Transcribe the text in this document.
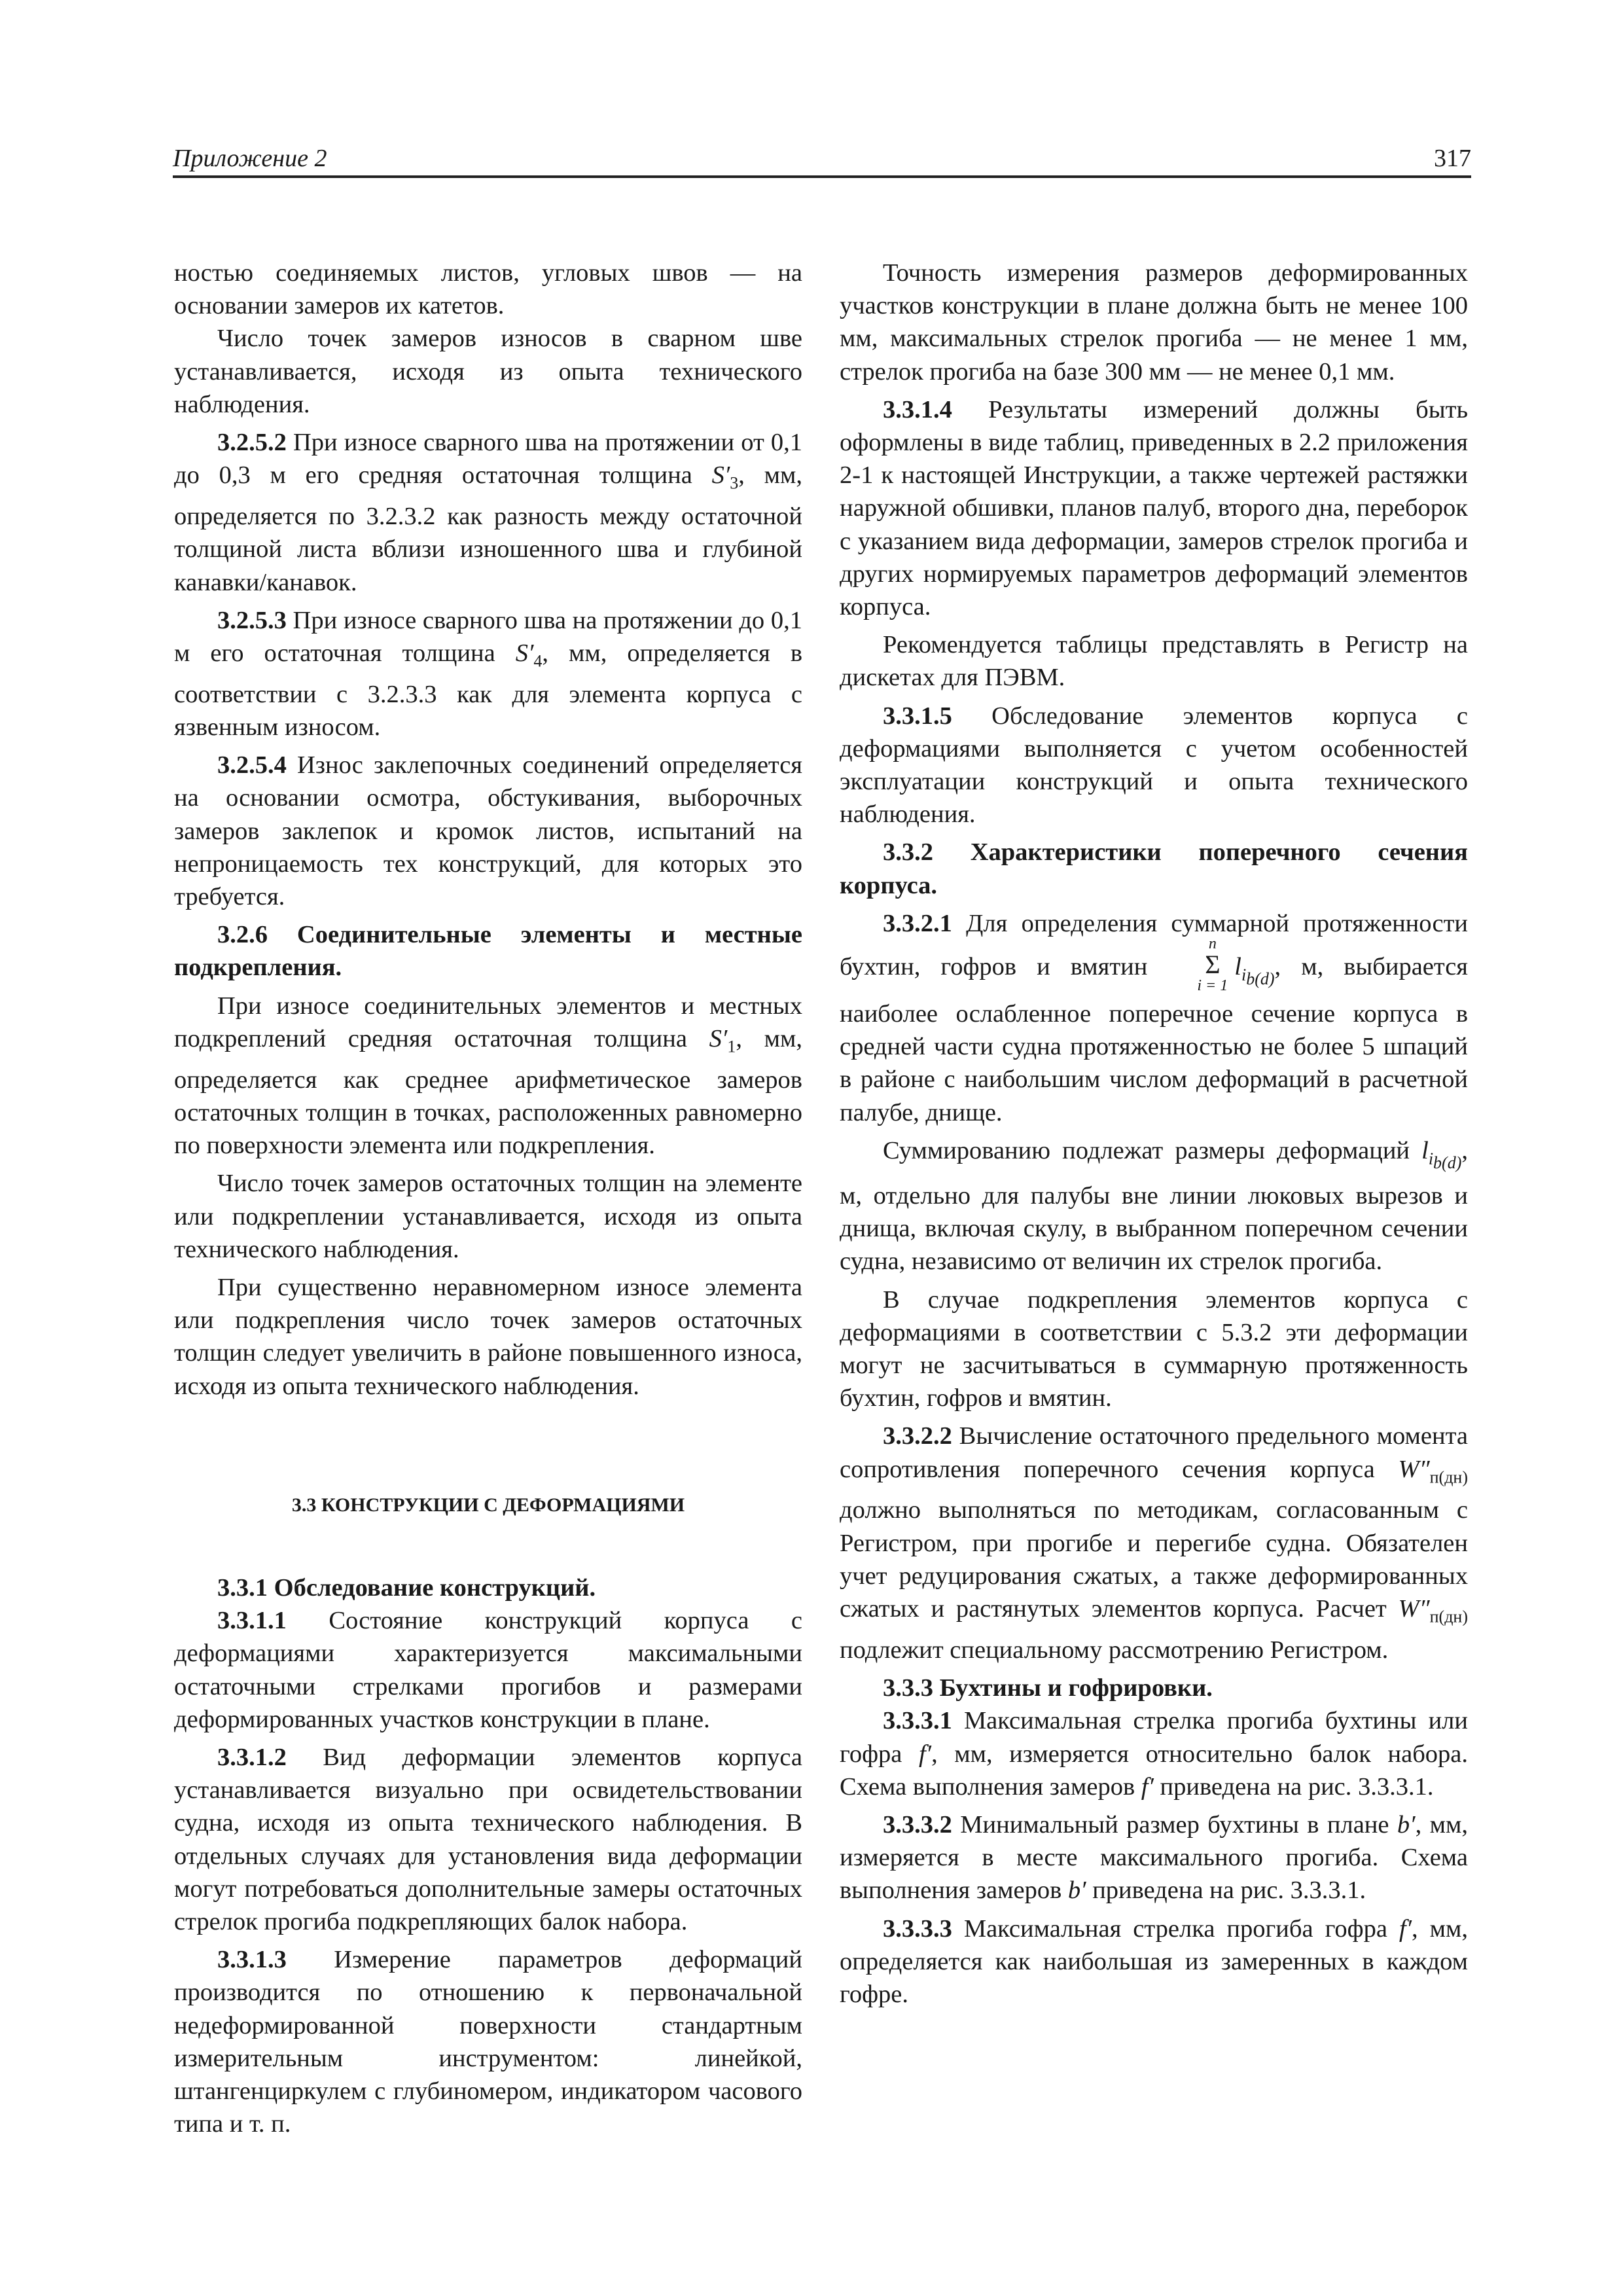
Приложение 2	317

ностью соединяемых листов, угловых швов — на основании замеров их катетов.

Число точек замеров износов в сварном шве устанавливается, исходя из опыта технического наблюдения.

3.2.5.2 При износе сварного шва на протяжении от 0,1 до 0,3 м его средняя остаточная толщина $S'_3$, мм, определяется по 3.2.3.2 как разность между остаточной толщиной листа вблизи изношенного шва и глубиной канавки/канавок.

3.2.5.3 При износе сварного шва на протяжении до 0,1 м его остаточная толщина $S'_4$, мм, определяется в соответствии с 3.2.3.3 как для элемента корпуса с язвенным износом.

3.2.5.4 Износ заклепочных соединений определяется на основании осмотра, обстукивания, выборочных замеров заклепок и кромок листов, испытаний на непроницаемость тех конструкций, для которых это требуется.

3.2.6 Соединительные элементы и местные подкрепления.

При износе соединительных элементов и местных подкреплений средняя остаточная толщина $S'_1$, мм, определяется как среднее арифметическое замеров остаточных толщин в точках, расположенных равномерно по поверхности элемента или подкрепления.

Число точек замеров остаточных толщин на элементе или подкреплении устанавливается, исходя из опыта технического наблюдения.

При существенно неравномерном износе элемента или подкрепления число точек замеров остаточных толщин следует увеличить в районе повышенного износа, исходя из опыта технического наблюдения.

3.3 КОНСТРУКЦИИ С ДЕФОРМАЦИЯМИ

3.3.1 Обследование конструкций.

3.3.1.1 Состояние конструкций корпуса с деформациями характеризуется максимальными остаточными стрелками прогибов и размерами деформированных участков конструкции в плане.

3.3.1.2 Вид деформации элементов корпуса устанавливается визуально при освидетельствовании судна, исходя из опыта технического наблюдения. В отдельных случаях для установления вида деформации могут потребоваться дополнительные замеры остаточных стрелок прогиба подкрепляющих балок набора.

3.3.1.3 Измерение параметров деформаций производится по отношению к первоначальной недеформированной поверхности стандартным измерительным инструментом: линейкой, штангенциркулем с глубиномером, индикатором часового типа и т. п.

Точность измерения размеров деформированных участков конструкции в плане должна быть не менее 100 мм, максимальных стрелок прогиба — не менее 1 мм, стрелок прогиба на базе 300 мм — не менее 0,1 мм.

3.3.1.4 Результаты измерений должны быть оформлены в виде таблиц, приведенных в 2.2 приложения 2-1 к настоящей Инструкции, а также чертежей растяжки наружной обшивки, планов палуб, второго дна, переборок с указанием вида деформации, замеров стрелок прогиба и других нормируемых параметров деформаций элементов корпуса.

Рекомендуется таблицы представлять в Регистр на дискетах для ПЭВМ.

3.3.1.5 Обследование элементов корпуса с деформациями выполняется с учетом особенностей эксплуатации конструкций и опыта технического наблюдения.

3.3.2 Характеристики поперечного сечения корпуса.

3.3.2.1 Для определения суммарной протяженности бухтин, гофров и вмятин
n
Σ
i = 1
$l_{i_{b(d)}}$, м, выбирается наиболее ослабленное поперечное сечение корпуса в средней части судна протяженностью не более 5 шпаций в районе с наибольшим числом деформаций в расчетной палубе, днище.

Суммированию подлежат размеры деформаций $l_{i_{b(d)}}$, м, отдельно для палубы вне линии люковых вырезов и днища, включая скулу, в выбранном поперечном сечении судна, независимо от величин их стрелок прогиба.

В случае подкрепления элементов корпуса с деформациями в соответствии с 5.3.2 эти деформации могут не засчитываться в суммарную протяженность бухтин, гофров и вмятин.

3.3.2.2 Вычисление остаточного предельного момента сопротивления поперечного сечения корпуса $W''_{п(дн)}$ должно выполняться по методикам, согласованным с Регистром, при прогибе и перегибе судна. Обязателен учет редуцирования сжатых, а также деформированных сжатых и растянутых элементов корпуса. Расчет $W''_{п(дн)}$ подлежит специальному рассмотрению Регистром.

3.3.3 Бухтины и гофрировки.

3.3.3.1 Максимальная стрелка прогиба бухтины или гофра f′, мм, измеряется относительно балок набора. Схема выполнения замеров f′ приведена на рис. 3.3.3.1.

3.3.3.2 Минимальный размер бухтины в плане b′, мм, измеряется в месте максимального прогиба. Схема выполнения замеров b′ приведена на рис. 3.3.3.1.

3.3.3.3 Максимальная стрелка прогиба гофра f′, мм, определяется как наибольшая из замеренных в каждом гофре.
